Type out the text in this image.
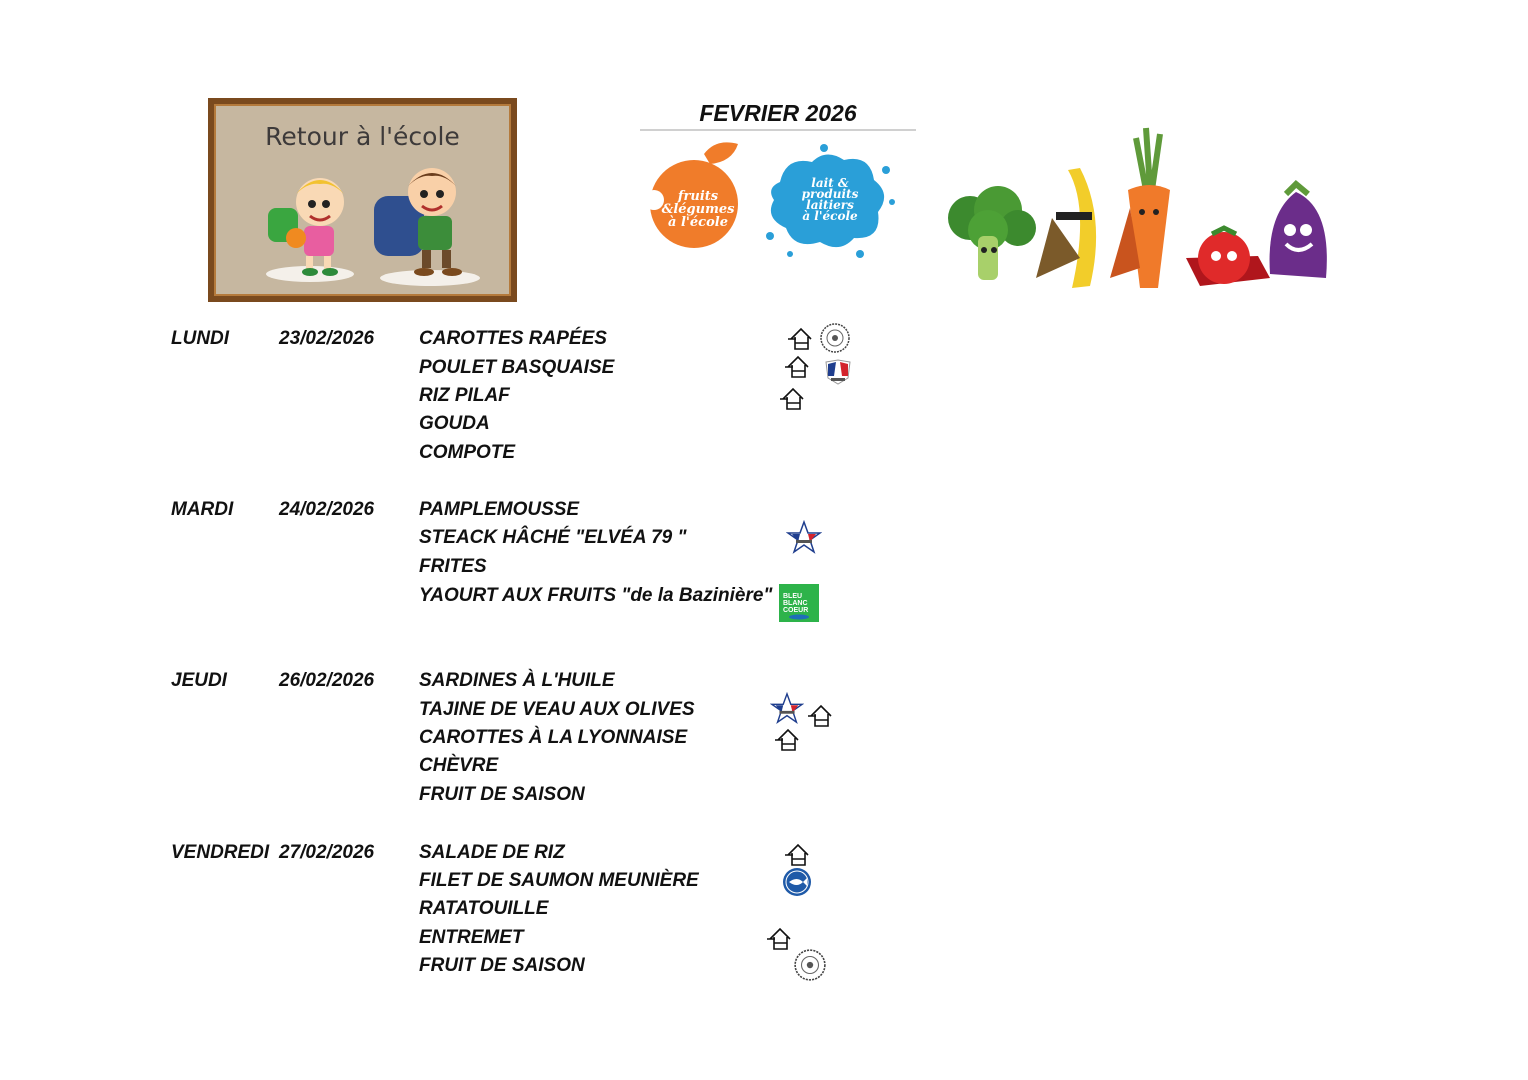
Retour à l'école
FEVRIER 2026
fruits
&légumes
à l'école
lait &
produits
laitiers
à l'école
LUNDI	23/02/2026 CAROTTES RAPÉES
POULET BASQUAISE
RIZ PILAF
GOUDA
COMPOTE
MARDI 24/02/2026 PAMPLEMOUSSE
STEACK HÂCHÉ "ELVÉA 79 "
FRITES
YAOURT AUX FRUITS "de la Bazinière"
JEUDI	26/02/2026 SARDINES À L'HUILE
TAJINE DE VEAU AUX OLIVES
CAROTTES À LA LYONNAISE
CHÈVRE
FRUIT DE SAISON
VENDREDI 27/02/2026 SALADE DE RIZ
FILET DE SAUMON MEUNIÈRE
RATATOUILLE
ENTREMET
FRUIT DE SAISON
BLEU
BLANC
COEUR
